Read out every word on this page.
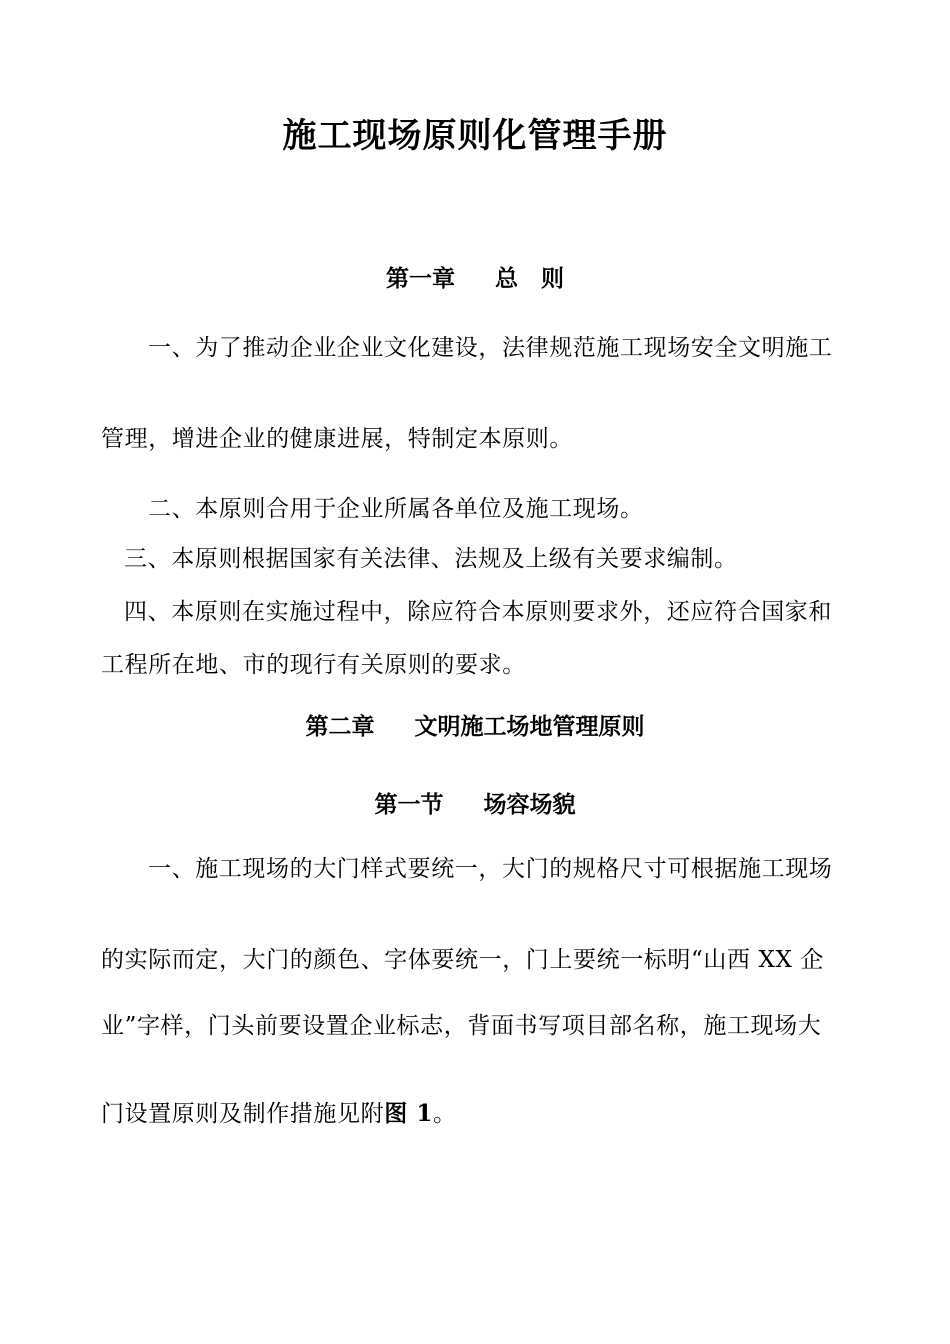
施工现场原则化管理手册
第一章 总　则
一、为了推动企业企业文化建设，法律规范施工现场安全文明施工
管理，增进企业的健康进展，特制定本原则。
二、本原则合用于企业所属各单位及施工现场。
三、本原则根据国家有关法律、法规及上级有关要求编制。
四、本原则在实施过程中，除应符合本原则要求外，还应符合国家和
工程所在地、市的现行有关原则的要求。
第二章 文明施工场地管理原则
第一节 场容场貌
一、施工现场的大门样式要统一，大门的规格尺寸可根据施工现场
的实际而定，大门的颜色、字体要统一，门上要统一标明“山西 XX 企
业”字样，门头前要设置企业标志，背面书写项目部名称，施工现场大
门设置原则及制作措施见附图 1。
